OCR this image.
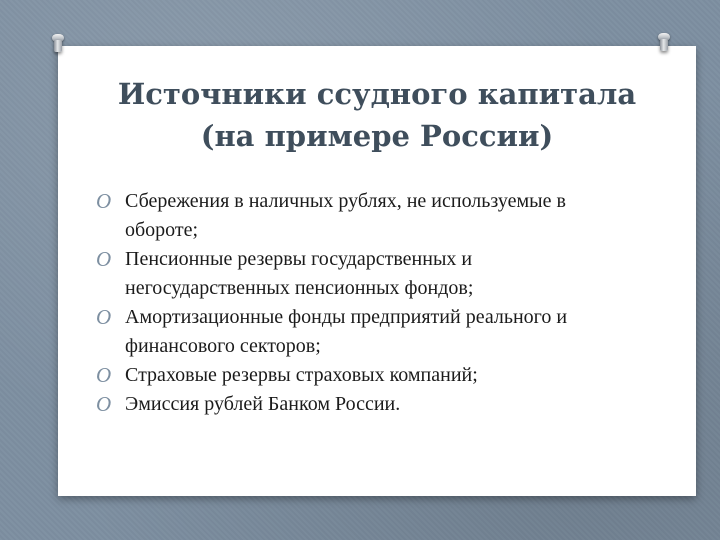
Источники ссудного капитала
(на примере России)
O Сбережения в наличных рублях, не используемые в обороте;
O Пенсионные резервы государственных и негосударственных пенсионных фондов;
O Амортизационные фонды предприятий реального и финансового секторов;
O Страховые резервы страховых компаний;
O Эмиссия рублей Банком России.
